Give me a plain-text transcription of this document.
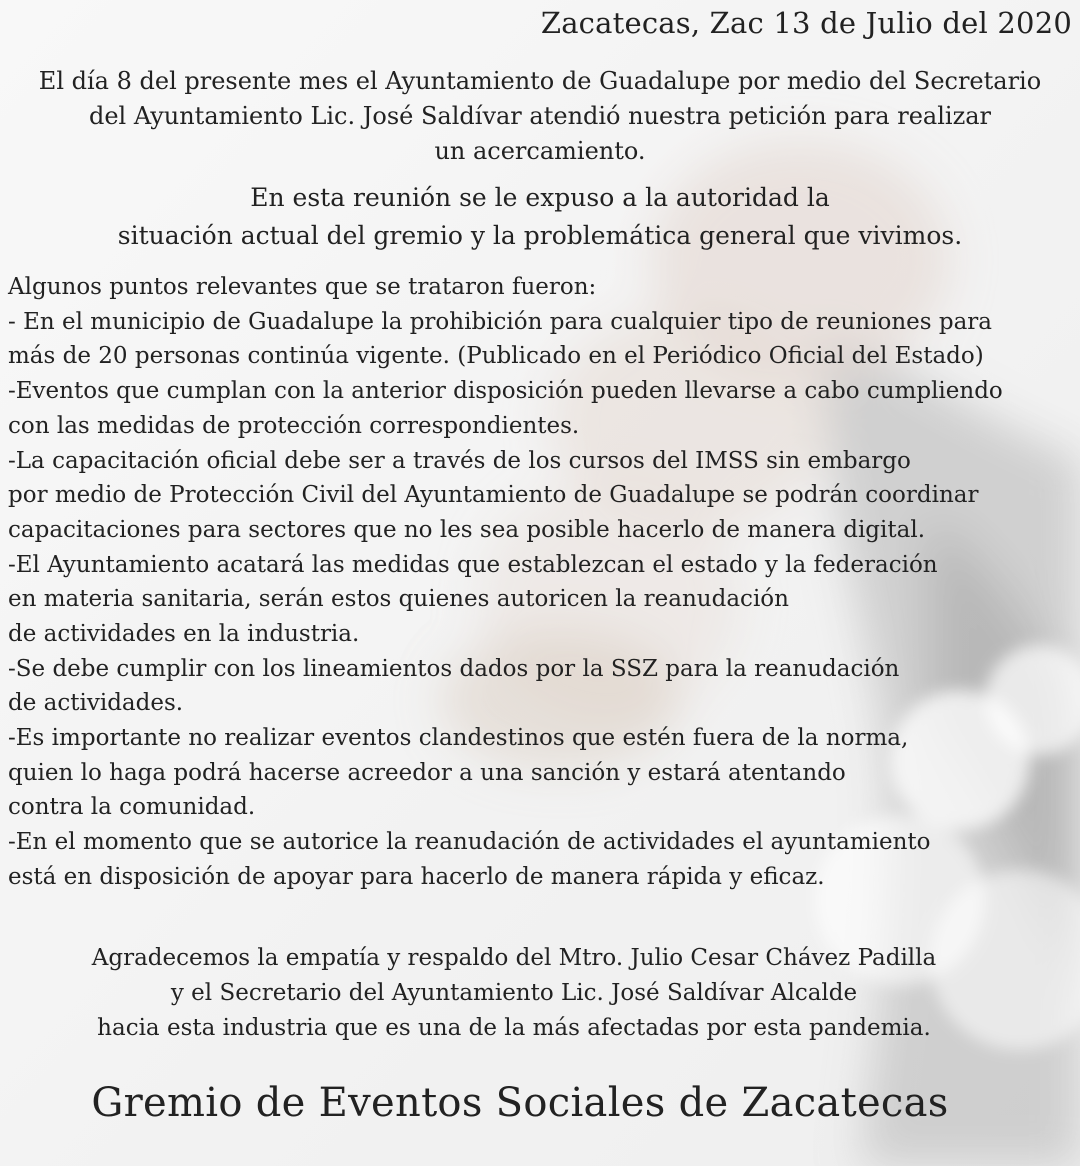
Zacatecas, Zac 13 de Julio del 2020

El día 8 del presente mes el Ayuntamiento de Guadalupe por medio del Secretario

del Ayuntamiento Lic. José Saldívar atendió nuestra petición para realizar

un acercamiento.

En esta reunión se le expuso a la autoridad la

situación actual del gremio y la problemática general que vivimos.

Algunos puntos relevantes que se trataron fueron:

- En el municipio de Guadalupe la prohibición para cualquier tipo de reuniones para

más de 20 personas continúa vigente. (Publicado en el Periódico Oficial del Estado)

-Eventos que cumplan con la anterior disposición pueden llevarse a cabo cumpliendo

con las medidas de protección correspondientes.

-La capacitación oficial debe ser a través de los cursos del IMSS sin embargo

por medio de Protección Civil del Ayuntamiento de Guadalupe se podrán coordinar

capacitaciones para sectores que no les sea posible hacerlo de manera digital.

-El Ayuntamiento acatará las medidas que establezcan el estado y la federación

en materia sanitaria, serán estos quienes autoricen la reanudación

de actividades en la industria.

-Se debe cumplir con los lineamientos dados por la SSZ para la reanudación

de actividades.

-Es importante no realizar eventos clandestinos que estén fuera de la norma,

quien lo haga podrá hacerse acreedor a una sanción y estará atentando

contra la comunidad.

-En el momento que se autorice la reanudación de actividades el ayuntamiento

está en disposición de apoyar para hacerlo de manera rápida y eficaz.

Agradecemos la empatía y respaldo del Mtro. Julio Cesar Chávez Padilla

y el Secretario del Ayuntamiento Lic. José Saldívar Alcalde

hacia esta industria que es una de la más afectadas por esta pandemia.

Gremio de Eventos Sociales de Zacatecas
